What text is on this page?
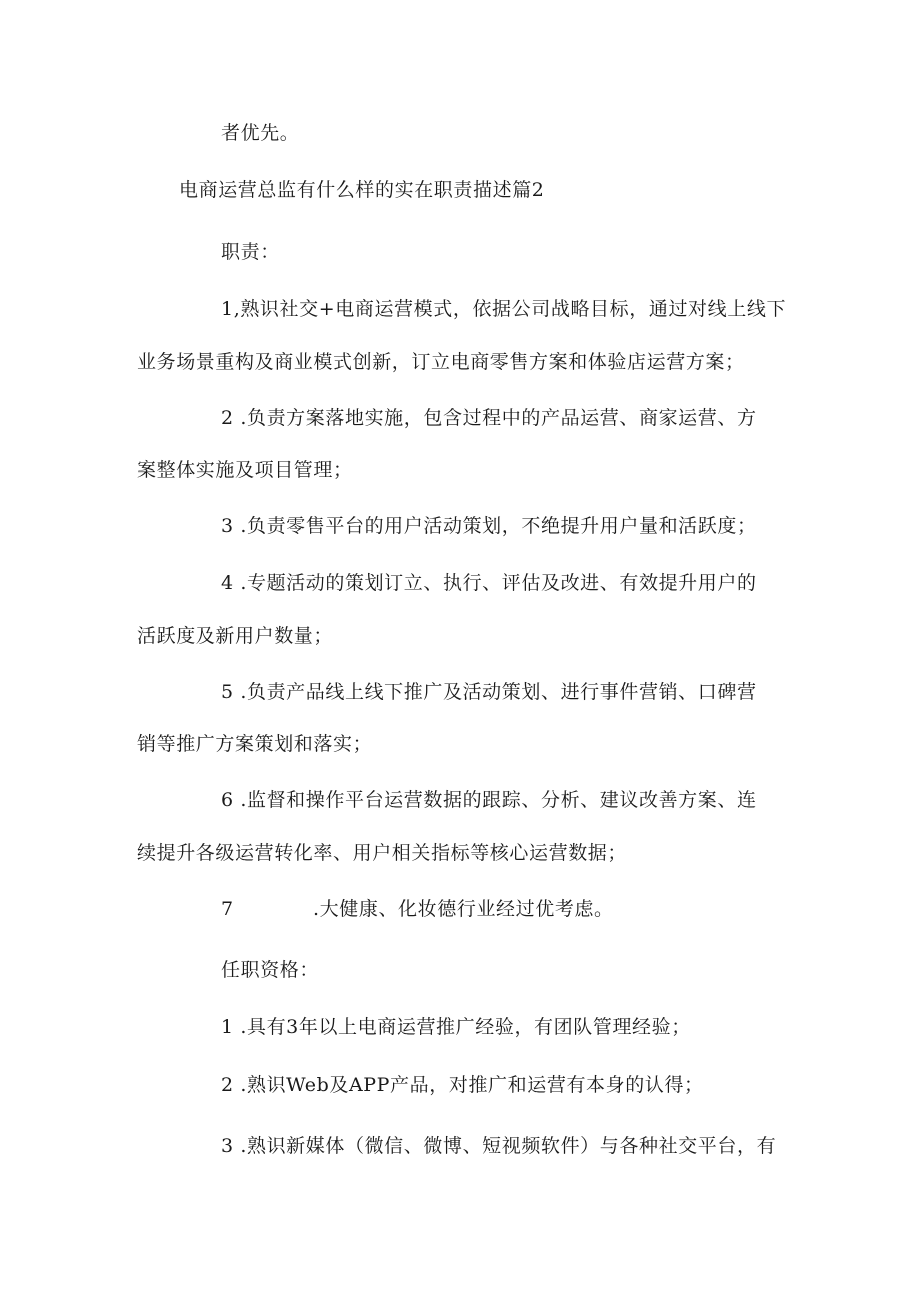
者优先。
电商运营总监有什么样的实在职责描述篇2
职责：
1,熟识社交+电商运营模式，依据公司战略目标，通过对线上线下
业务场景重构及商业模式创新，订立电商零售方案和体验店运营方案；
2 .负责方案落地实施，包含过程中的产品运营、商家运营、方
案整体实施及项目管理；
3 .负责零售平台的用户活动策划，不绝提升用户量和活跃度；
4 .专题活动的策划订立、执行、评估及改进、有效提升用户的
活跃度及新用户数量；
5 .负责产品线上线下推广及活动策划、进行事件营销、口碑营
销等推广方案策划和落实；
6 .监督和操作平台运营数据的跟踪、分析、建议改善方案、连
续提升各级运营转化率、用户相关指标等核心运营数据；
7	.大健康、化妆德行业经过优考虑。
任职资格：
1 .具有3年以上电商运营推广经验，有团队管理经验；
2 .熟识Web及APP产品，对推广和运营有本身的认得；
3 .熟识新媒体（微信、微博、短视频软件）与各种社交平台，有
